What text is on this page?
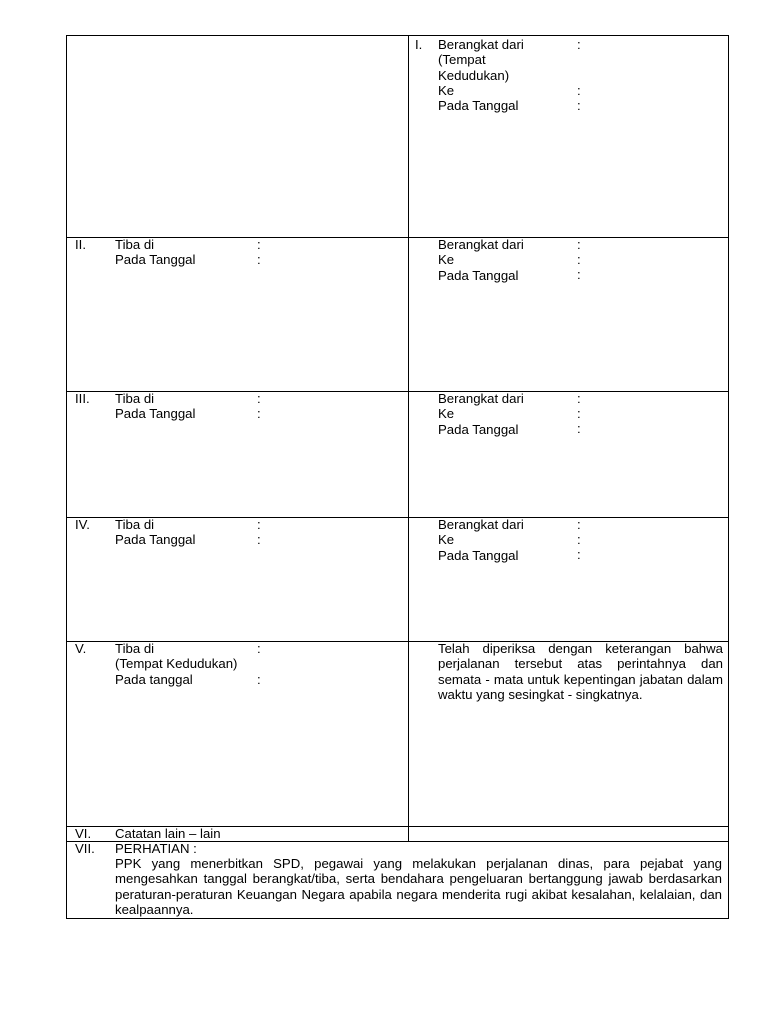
I. Berangkat dari
(Tempat
Kedudukan)
Ke
Pada Tanggal
:
:
:
II. Tiba di
Pada Tanggal
:
:
Berangkat dari
Ke
Pada Tanggal
:
:
:
III. Tiba di
Pada Tanggal
:
:
Berangkat dari
Ke
Pada Tanggal
:
:
:
IV. Tiba di
Pada Tanggal
:
:
Berangkat dari
Ke
Pada Tanggal
:
:
:
V. Tiba di
(Tempat Kedudukan)
Pada tanggal
:
:
Telah diperiksa dengan keterangan bahwa perjalanan tersebut atas perintahnya dan semata - mata untuk kepentingan jabatan dalam waktu yang sesingkat - singkatnya.
VI. Catatan lain – lain
VII. PERHATIAN :
PPK yang menerbitkan SPD, pegawai yang melakukan perjalanan dinas, para pejabat yang mengesahkan tanggal berangkat/tiba, serta bendahara pengeluaran bertanggung jawab berdasarkan peraturan-peraturan Keuangan Negara apabila negara menderita rugi akibat kesalahan, kelalaian, dan kealpaannya.
